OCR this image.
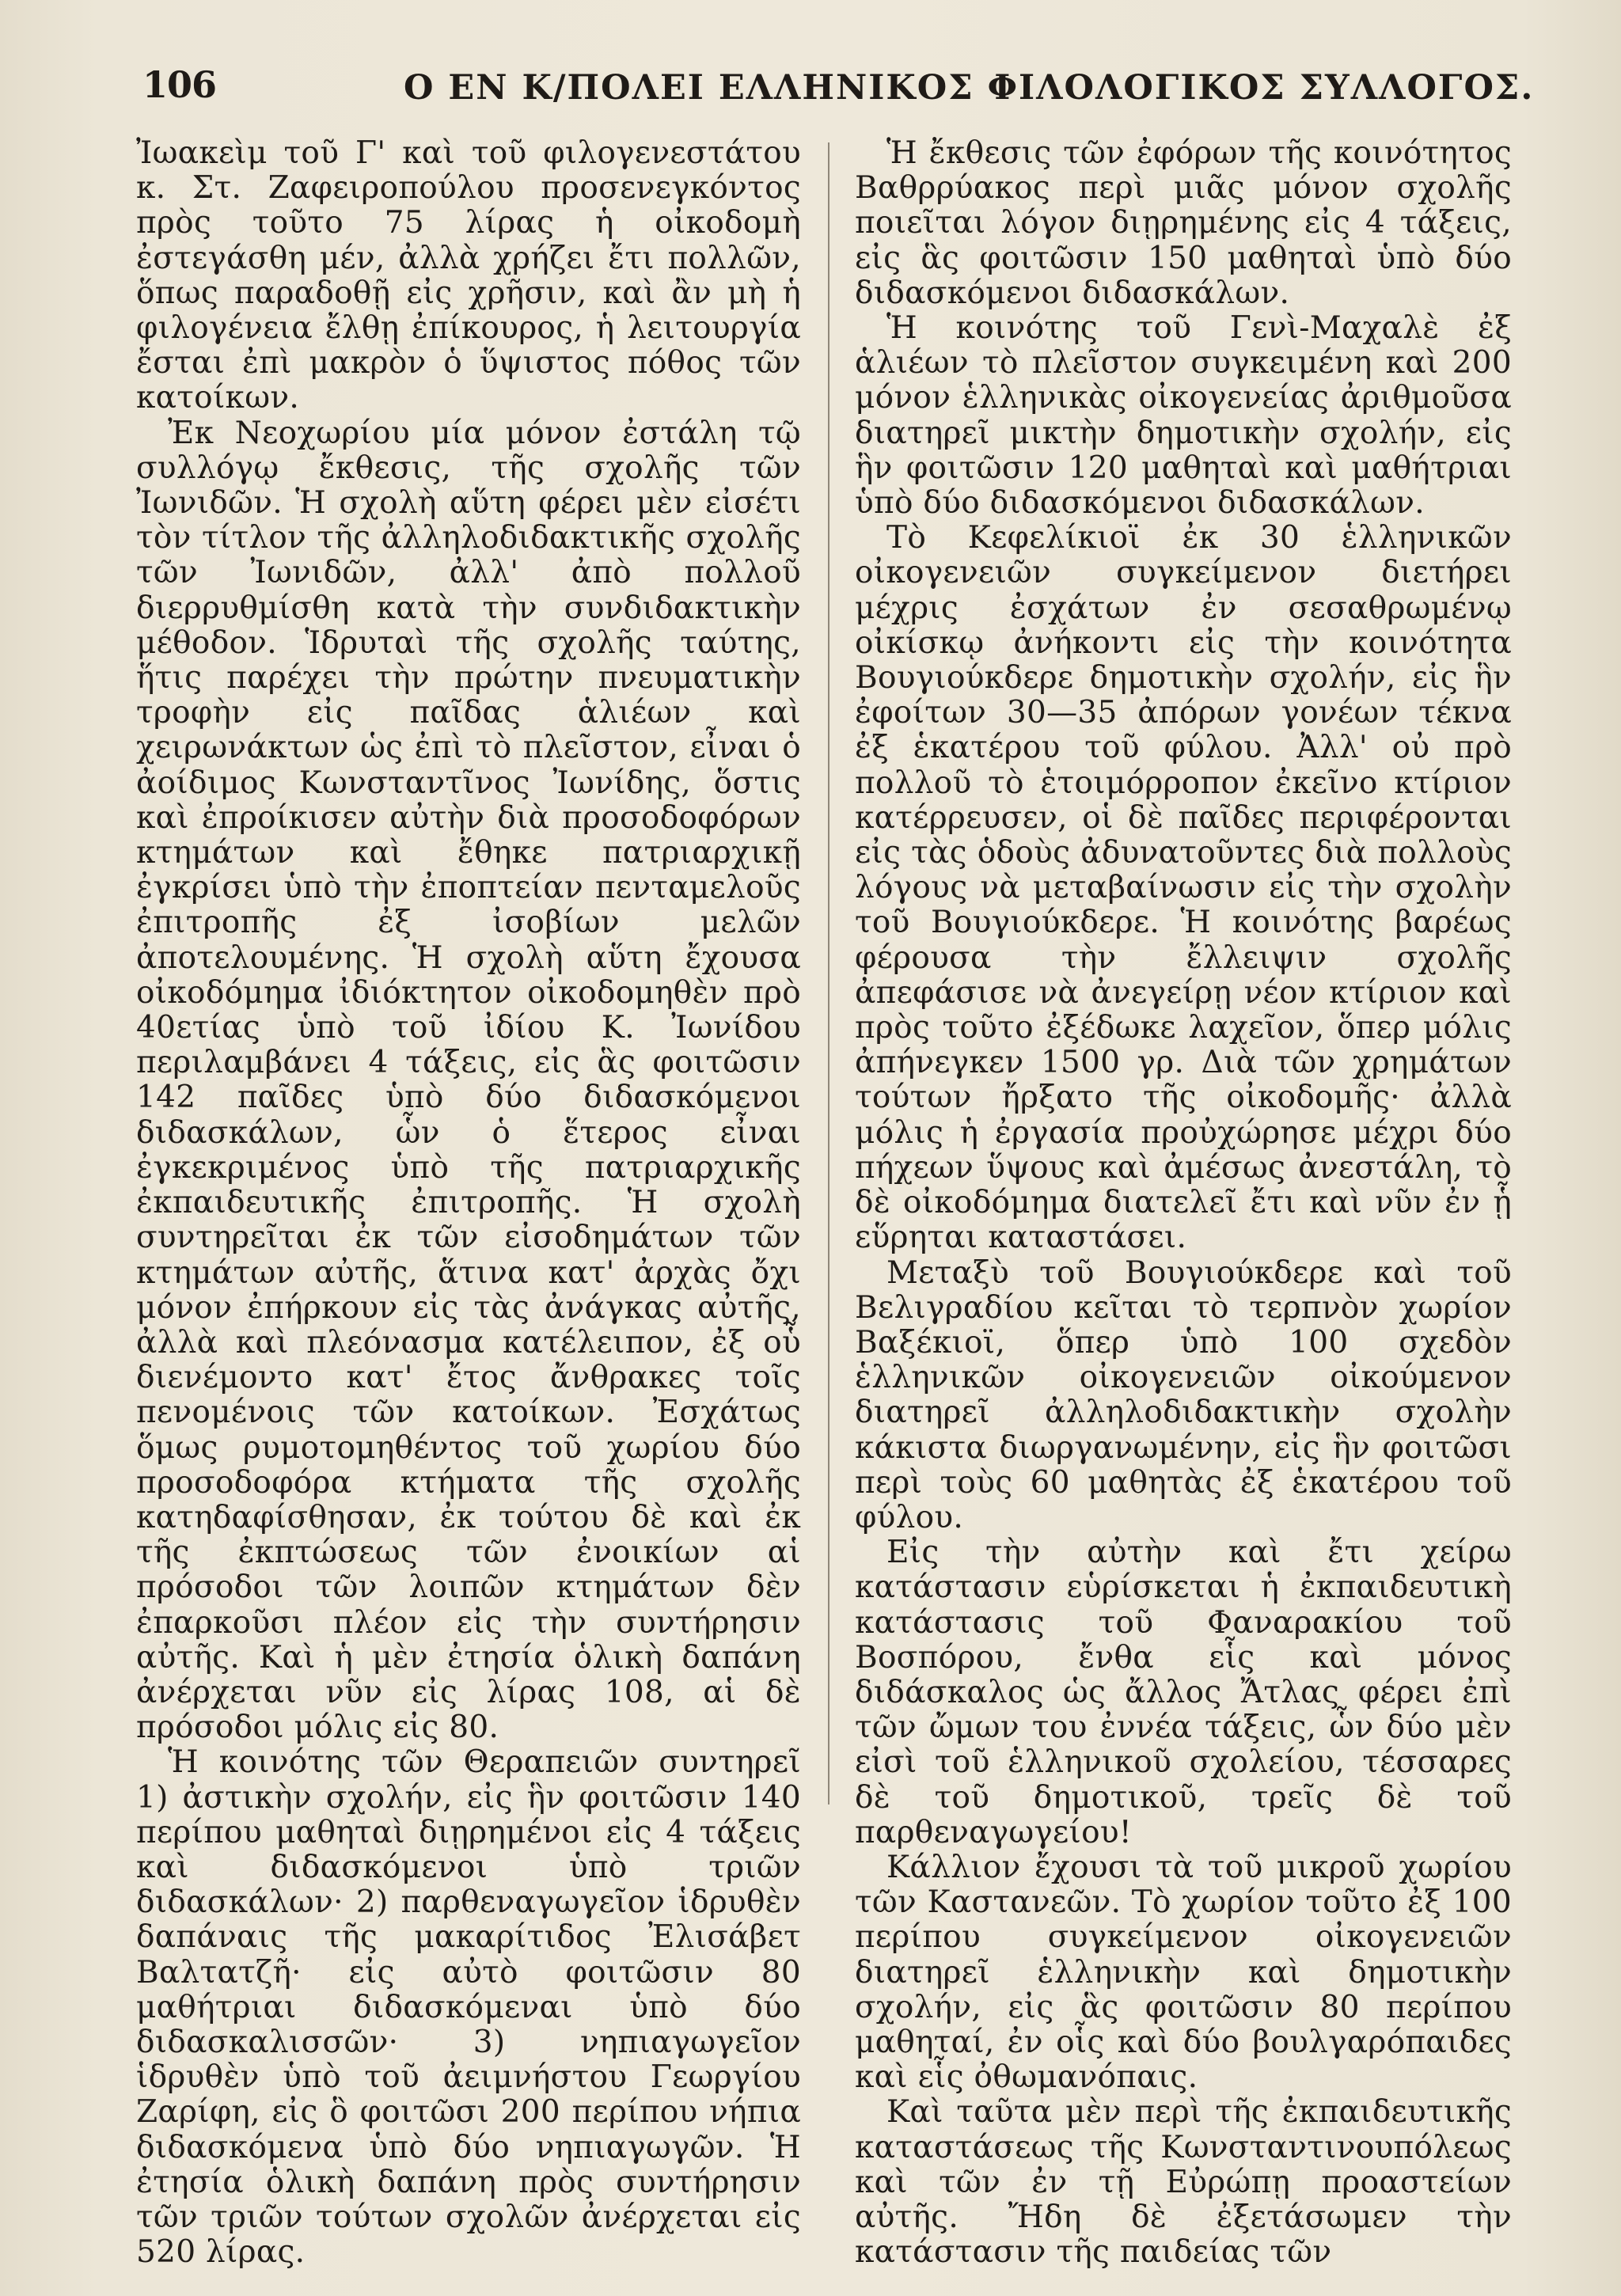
106	Ο ΕΝ Κ/ΠΟΛΕΙ ΕΛΛΗΝΙΚΟΣ ΦΙΛΟΛΟΓΙΚΟΣ ΣΥΛΛΟΓΟΣ.

Ἰωακεὶμ τοῦ Γ' καὶ τοῦ φιλογενεστάτου κ. Στ. Ζαφειροπούλου προσενεγκόντος πρὸς τοῦτο 75 λίρας ἡ οἰκοδομὴ ἐστεγάσθη μέν, ἀλλὰ χρήζει ἔτι πολλῶν, ὅπως παραδοθῇ εἰς χρῆσιν, καὶ ἂν μὴ ἡ φιλογένεια ἔλθῃ ἐπίκουρος, ἡ λειτουργία ἔσται ἐπὶ μακρὸν ὁ ὕψιστος πόθος τῶν κατοίκων.

Ἐκ Νεοχωρίου μία μόνον ἐστάλη τῷ συλλόγῳ ἔκθεσις, τῆς σχολῆς τῶν Ἰωνιδῶν. Ἡ σχολὴ αὕτη φέρει μὲν εἰσέτι τὸν τίτλον τῆς ἀλληλοδιδακτικῆς σχολῆς τῶν Ἰωνιδῶν, ἀλλ' ἀπὸ πολλοῦ διερρυθμίσθη κατὰ τὴν συνδιδακτικὴν μέθοδον. Ἱδρυταὶ τῆς σχολῆς ταύτης, ἥτις παρέχει τὴν πρώτην πνευματικὴν τροφὴν εἰς παῖδας ἁλιέων καὶ χειρωνάκτων ὡς ἐπὶ τὸ πλεῖστον, εἶναι ὁ ἀοίδιμος Κωνσταντῖνος Ἰωνίδης, ὅστις καὶ ἐπροίκισεν αὐτὴν διὰ προσοδοφόρων κτημάτων καὶ ἔθηκε πατριαρχικῇ ἐγκρίσει ὑπὸ τὴν ἐποπτείαν πενταμελοῦς ἐπιτροπῆς ἐξ ἰσοβίων μελῶν ἀποτελουμένης. Ἡ σχολὴ αὕτη ἔχουσα οἰκοδόμημα ἰδιόκτητον οἰκοδομηθὲν πρὸ 40ετίας ὑπὸ τοῦ ἰδίου Κ. Ἰωνίδου περιλαμβάνει 4 τάξεις, εἰς ἃς φοιτῶσιν 142 παῖδες ὑπὸ δύο διδασκόμενοι διδασκάλων, ὧν ὁ ἕτερος εἶναι ἐγκεκριμένος ὑπὸ τῆς πατριαρχικῆς ἐκπαιδευτικῆς ἐπιτροπῆς. Ἡ σχολὴ συντηρεῖται ἐκ τῶν εἰσοδημάτων τῶν κτημάτων αὐτῆς, ἅτινα κατ' ἀρχὰς ὄχι μόνον ἐπήρκουν εἰς τὰς ἀνάγκας αὐτῆς, ἀλλὰ καὶ πλεόνασμα κατέλειπον, ἐξ οὗ διενέμοντο κατ' ἔτος ἄνθρακες τοῖς πενομένοις τῶν κατοίκων. Ἐσχάτως ὅμως ρυμοτομηθέντος τοῦ χωρίου δύο προσοδοφόρα κτήματα τῆς σχολῆς κατηδαφίσθησαν, ἐκ τούτου δὲ καὶ ἐκ τῆς ἐκπτώσεως τῶν ἐνοικίων αἱ πρόσοδοι τῶν λοιπῶν κτημάτων δὲν ἐπαρκοῦσι πλέον εἰς τὴν συντήρησιν αὐτῆς. Καὶ ἡ μὲν ἐτησία ὁλικὴ δαπάνη ἀνέρχεται νῦν εἰς λίρας 108, αἱ δὲ πρόσοδοι μόλις εἰς 80.

Ἡ κοινότης τῶν Θεραπειῶν συντηρεῖ 1) ἀστικὴν σχολήν, εἰς ἣν φοιτῶσιν 140 περίπου μαθηταὶ διῃρημένοι εἰς 4 τάξεις καὶ διδασκόμενοι ὑπὸ τριῶν διδασκάλων· 2) παρθεναγωγεῖον ἱδρυθὲν δαπάναις τῆς μακαρίτιδος Ἐλισάβετ Βαλτατζῆ· εἰς αὐτὸ φοιτῶσιν 80 μαθήτριαι διδασκόμεναι ὑπὸ δύο διδασκαλισσῶν· 3) νηπιαγωγεῖον ἱδρυθὲν ὑπὸ τοῦ ἀειμνήστου Γεωργίου Ζαρίφη, εἰς ὃ φοιτῶσι 200 περίπου νήπια διδασκόμενα ὑπὸ δύο νηπιαγωγῶν. Ἡ ἐτησία ὁλικὴ δαπάνη πρὸς συντήρησιν τῶν τριῶν τούτων σχολῶν ἀνέρχεται εἰς 520 λίρας.

Ἡ ἔκθεσις τῶν ἐφόρων τῆς κοινότητος Βαθρρύακος περὶ μιᾶς μόνον σχολῆς ποιεῖται λόγον διῃρημένης εἰς 4 τάξεις, εἰς ἃς φοιτῶσιν 150 μαθηταὶ ὑπὸ δύο διδασκόμενοι διδασκάλων.

Ἡ κοινότης τοῦ Γενὶ-Μαχαλὲ ἐξ ἁλιέων τὸ πλεῖστον συγκειμένη καὶ 200 μόνον ἑλληνικὰς οἰκογενείας ἀριθμοῦσα διατηρεῖ μικτὴν δημοτικὴν σχολήν, εἰς ἣν φοιτῶσιν 120 μαθηταὶ καὶ μαθήτριαι ὑπὸ δύο διδασκόμενοι διδασκάλων.

Τὸ Κεφελίκιοϊ ἐκ 30 ἑλληνικῶν οἰκογενειῶν συγκείμενον διετήρει μέχρις ἐσχάτων ἐν σεσαθρωμένῳ οἰκίσκῳ ἀνήκοντι εἰς τὴν κοινότητα Βουγιούκδερε δημοτικὴν σχολήν, εἰς ἣν ἐφοίτων 30—35 ἀπόρων γονέων τέκνα ἐξ ἑκατέρου τοῦ φύλου. Ἀλλ' οὐ πρὸ πολλοῦ τὸ ἑτοιμόρροπον ἐκεῖνο κτίριον κατέρρευσεν, οἱ δὲ παῖδες περιφέρονται εἰς τὰς ὁδοὺς ἀδυνατοῦντες διὰ πολλοὺς λόγους νὰ μεταβαίνωσιν εἰς τὴν σχολὴν τοῦ Βουγιούκδερε. Ἡ κοινότης βαρέως φέρουσα τὴν ἔλλειψιν σχολῆς ἀπεφάσισε νὰ ἀνεγείρῃ νέον κτίριον καὶ πρὸς τοῦτο ἐξέδωκε λαχεῖον, ὅπερ μόλις ἀπήνεγκεν 1500 γρ. Διὰ τῶν χρημάτων τούτων ἤρξατο τῆς οἰκοδομῆς· ἀλλὰ μόλις ἡ ἐργασία προὐχώρησε μέχρι δύο πήχεων ὕψους καὶ ἀμέσως ἀνεστάλη, τὸ δὲ οἰκοδόμημα διατελεῖ ἔτι καὶ νῦν ἐν ᾗ εὕρηται καταστάσει.

Μεταξὺ τοῦ Βουγιούκδερε καὶ τοῦ Βελιγραδίου κεῖται τὸ τερπνὸν χωρίον Βαξέκιοϊ, ὅπερ ὑπὸ 100 σχεδὸν ἑλληνικῶν οἰκογενειῶν οἰκούμενον διατηρεῖ ἀλληλοδιδακτικὴν σχολὴν κάκιστα διωργανωμένην, εἰς ἣν φοιτῶσι περὶ τοὺς 60 μαθητὰς ἐξ ἑκατέρου τοῦ φύλου.

Εἰς τὴν αὐτὴν καὶ ἔτι χείρω κατάστασιν εὑρίσκεται ἡ ἐκπαιδευτικὴ κατάστασις τοῦ Φαναρακίου τοῦ Βοσπόρου, ἔνθα εἷς καὶ μόνος διδάσκαλος ὡς ἄλλος Ἄτλας φέρει ἐπὶ τῶν ὤμων του ἐννέα τάξεις, ὧν δύο μὲν εἰσὶ τοῦ ἑλληνικοῦ σχολείου, τέσσαρες δὲ τοῦ δημοτικοῦ, τρεῖς δὲ τοῦ παρθεναγωγείου!

Κάλλιον ἔχουσι τὰ τοῦ μικροῦ χωρίου τῶν Καστανεῶν. Τὸ χωρίον τοῦτο ἐξ 100 περίπου συγκείμενον οἰκογενειῶν διατηρεῖ ἑλληνικὴν καὶ δημοτικὴν σχολήν, εἰς ἃς φοιτῶσιν 80 περίπου μαθηταί, ἐν οἷς καὶ δύο βουλγαρόπαιδες καὶ εἷς ὀθωμανόπαις.

Καὶ ταῦτα μὲν περὶ τῆς ἐκπαιδευτικῆς καταστάσεως τῆς Κωνσταντινουπόλεως καὶ τῶν ἐν τῇ Εὐρώπῃ προαστείων αὐτῆς. Ἤδη δὲ ἐξετάσωμεν τὴν κατάστασιν τῆς παιδείας τῶν
